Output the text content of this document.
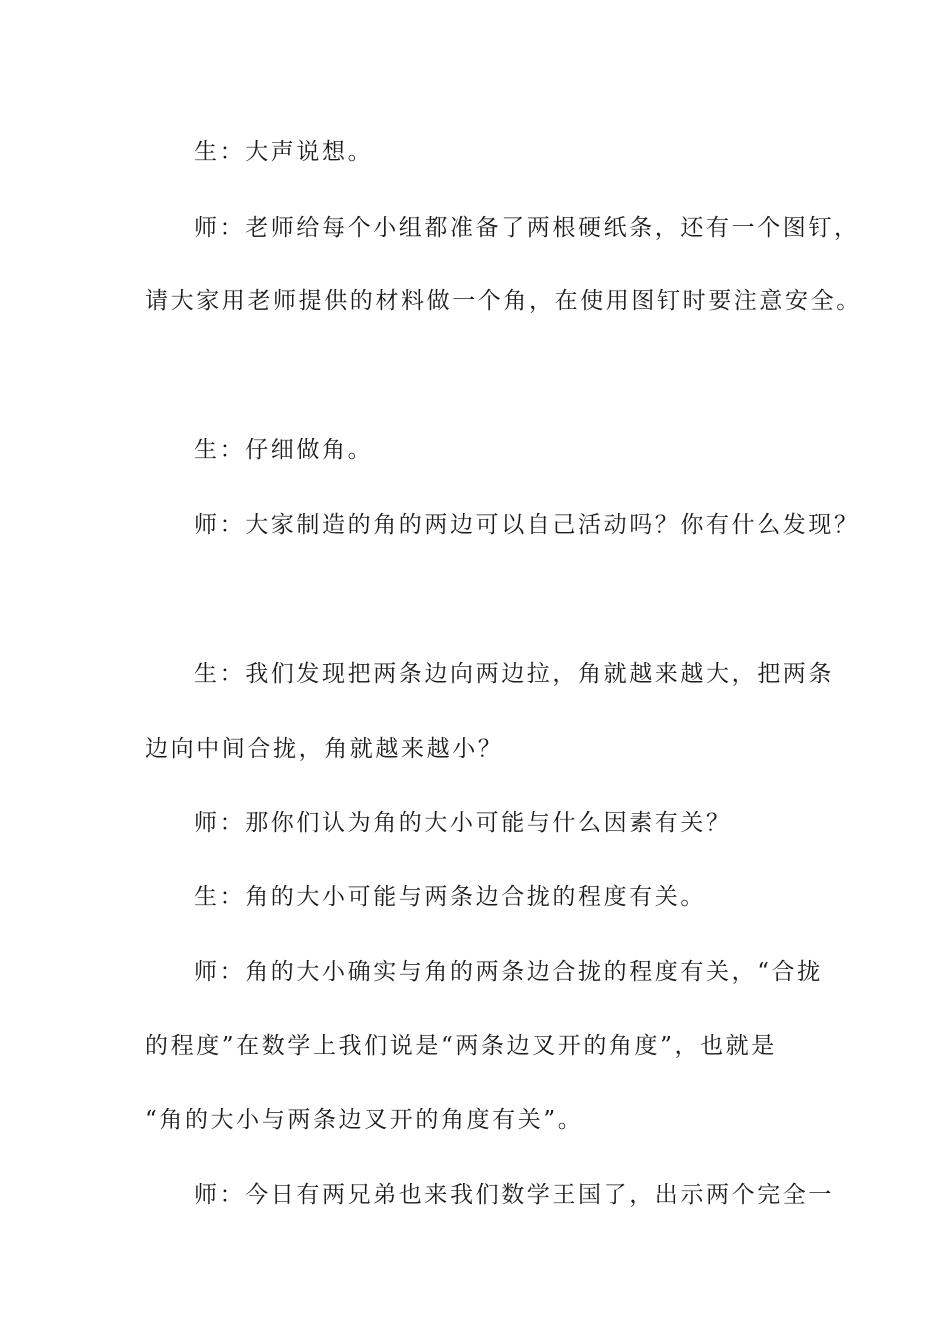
生：大声说想。
师：老师给每个小组都准备了两根硬纸条，还有一个图钉，
请大家用老师提供的材料做一个角，在使用图钉时要注意安全。
生：仔细做角。
师：大家制造的角的两边可以自己活动吗？你有什么发现？
生：我们发现把两条边向两边拉，角就越来越大，把两条
边向中间合拢，角就越来越小？
师：那你们认为角的大小可能与什么因素有关？
生：角的大小可能与两条边合拢的程度有关。
师：角的大小确实与角的两条边合拢的程度有关，“合拢
的程度”在数学上我们说是“两条边叉开的角度”，也就是
“角的大小与两条边叉开的角度有关”。
师：今日有两兄弟也来我们数学王国了，出示两个完全一
